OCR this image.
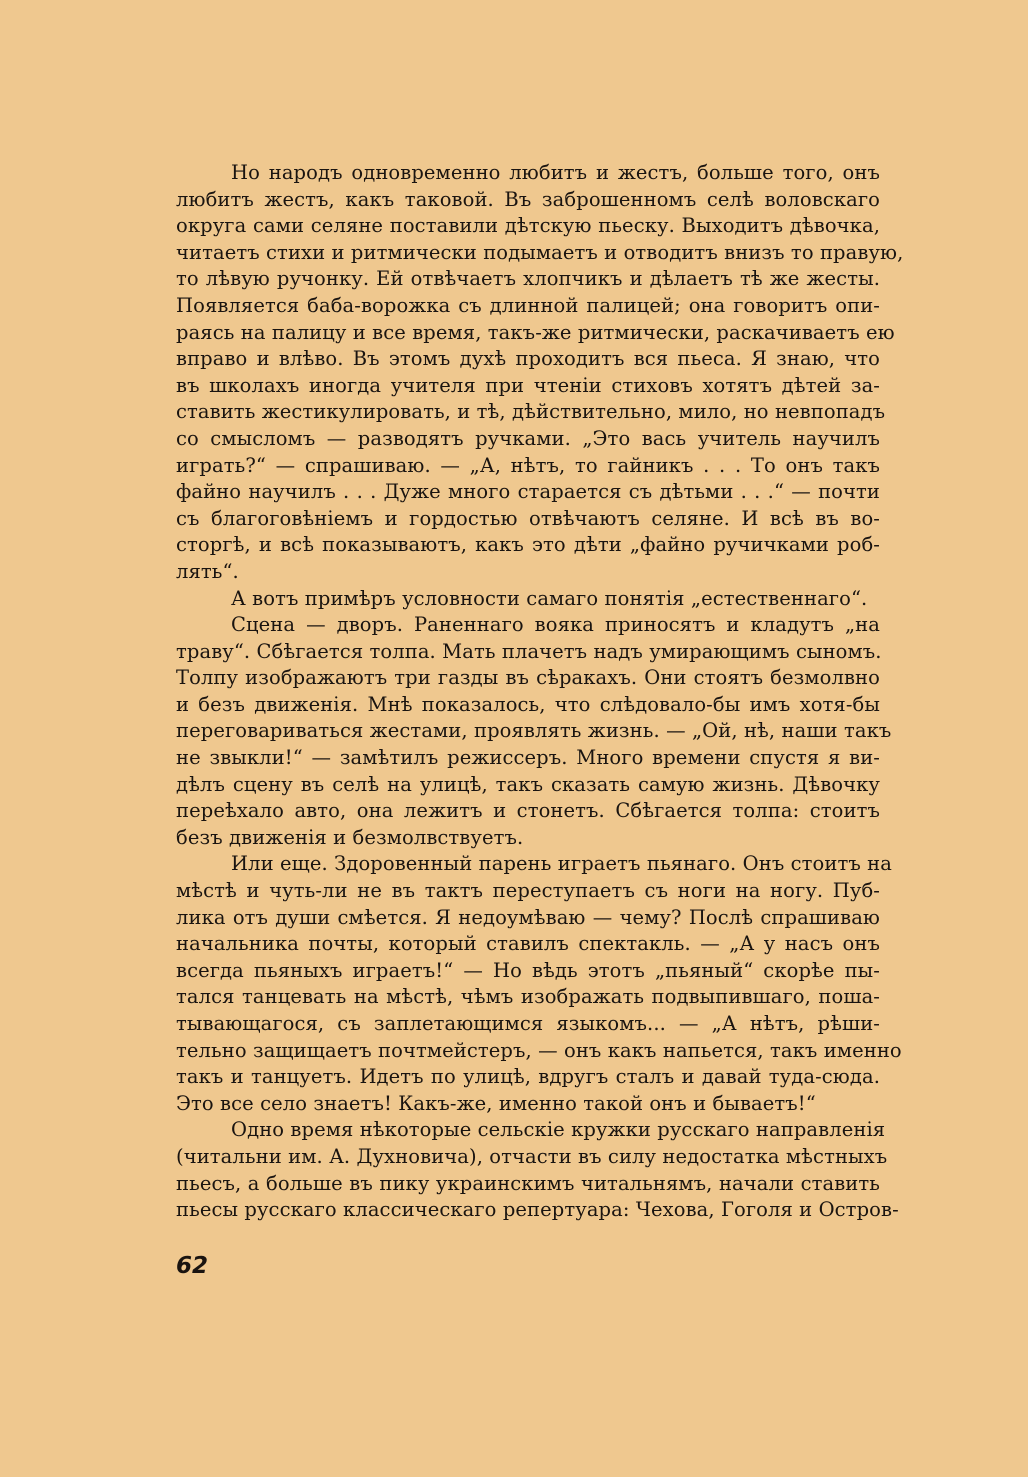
Но народъ одновременно любитъ и жестъ, больше того, онъ
любитъ жестъ, какъ таковой. Въ заброшенномъ селѣ воловскаго
округа сами селяне поставили дѣтскую пьеску. Выходитъ дѣвочка,
читаетъ стихи и ритмически подымаетъ и отводитъ внизъ то правую,
то лѣвую ручонку. Ей отвѣчаетъ хлопчикъ и дѣлаетъ тѣ же жесты.
Появляется баба-ворожка съ длинной палицей; она говоритъ опи-
раясь на палицу и все время, такъ-же ритмически, раскачиваетъ ею
вправо и влѣво. Въ этомъ духѣ проходитъ вся пьеса. Я знаю, что
въ школахъ иногда учителя при чтенiи стиховъ хотятъ дѣтей за-
ставить жестикулировать, и тѣ, дѣйствительно, мило, но невпопадъ
со смысломъ — разводятъ ручками. „Это вась учитель научилъ
играть?“ — спрашиваю. — „А, нѣтъ, то гайникъ . . . То онъ такъ
файно научилъ . . . Дуже много старается съ дѣтьми . . .“ — почти
съ благоговѣнiемъ и гордостью отвѣчаютъ селяне. И всѣ въ во-
сторгѣ, и всѣ показываютъ, какъ это дѣти „файно ручичками роб-
лять“.
А вотъ примѣръ условности самаго понятiя „естественнаго“.
Сцена — дворъ. Раненнаго вояка приносятъ и кладутъ „на
траву“. Сбѣгается толпа. Мать плачетъ надъ умирающимъ сыномъ.
Толпу изображаютъ три газды въ сѣракахъ. Они стоятъ безмолвно
и безъ движенiя. Мнѣ показалось, что слѣдовало-бы имъ хотя-бы
переговариваться жестами, проявлять жизнь. — „Ой, нѣ, наши такъ
не звыкли!“ — замѣтилъ режиссеръ. Много времени спустя я ви-
дѣлъ сцену въ селѣ на улицѣ, такъ сказать самую жизнь. Дѣвочку
переѣхало авто, она лежитъ и стонетъ. Сбѣгается толпа: стоитъ
безъ движенiя и безмолвствуетъ.
Или еще. Здоровенный парень играетъ пьянаго. Онъ стоитъ на
мѣстѣ и чуть-ли не въ тактъ переступаетъ съ ноги на ногу. Пуб-
лика отъ души смѣется. Я недоумѣваю — чему? Послѣ спрашиваю
начальника почты, который ставилъ спектакль. — „А у насъ онъ
всегда пьяныхъ играетъ!“ — Но вѣдь этотъ „пьяный“ скорѣе пы-
тался танцевать на мѣстѣ, чѣмъ изображать подвыпившаго, поша-
тывающагося, съ заплетающимся языкомъ... — „А нѣтъ, рѣши-
тельно защищаетъ почтмейстеръ, — онъ какъ напьется, такъ именно
такъ и танцуетъ. Идетъ по улицѣ, вдругъ сталъ и давай туда-сюда.
Это все село знаетъ! Какъ-же, именно такой онъ и бываетъ!“
Одно время нѣкоторые сельскiе кружки русскаго направленiя
(читальни им. А. Духновича), отчасти въ силу недостатка мѣстныхъ
пьесъ, а больше въ пику украинскимъ читальнямъ, начали ставить
пьесы русскаго классическаго репертуара: Чехова, Гоголя и Остров-
62
